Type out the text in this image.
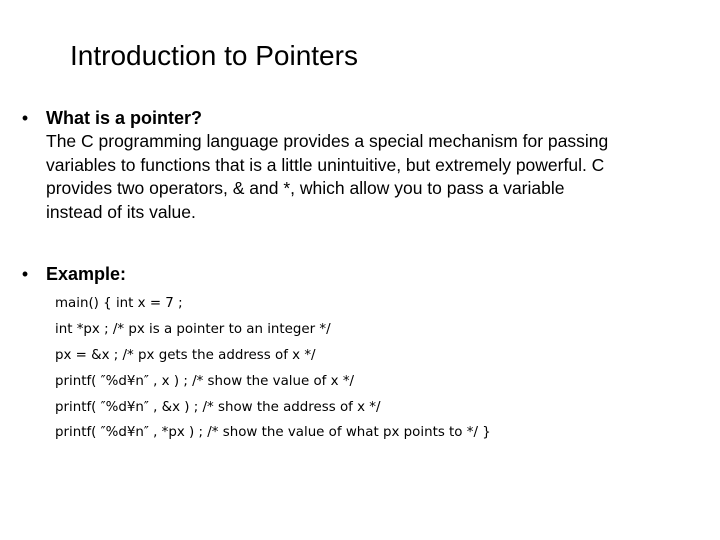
Introduction to Pointers
• What is a pointer?
The C programming language provides a special mechanism for passing
variables to functions that is a little unintuitive, but extremely powerful. C
provides two operators, & and *, which allow you to pass a variable
instead of its value.
• Example:
main() { int x = 7 ;
int *px ; /* px is a pointer to an integer */
px = &x ; /* px gets the address of x */
printf( ″%d¥n″ , x ) ; /* show the value of x */
printf( ″%d¥n″ , &x ) ; /* show the address of x */
printf( ″%d¥n″ , *px ) ; /* show the value of what px points to */ }
